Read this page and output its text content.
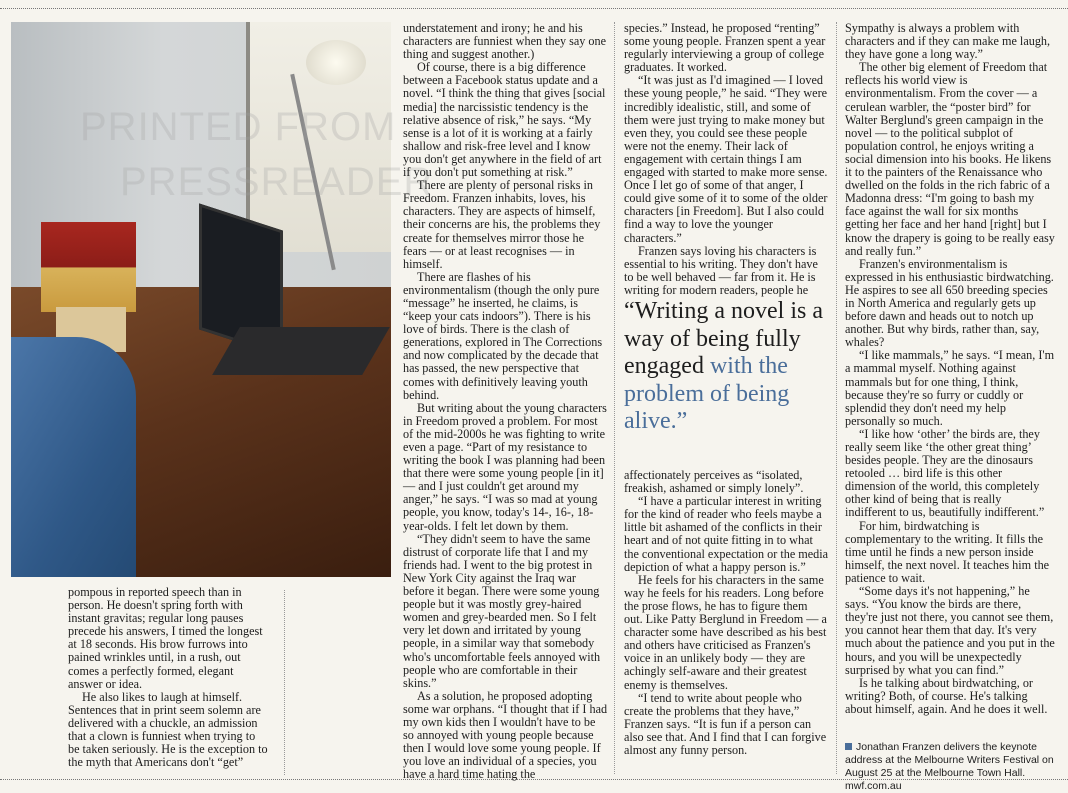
PRINTED FROM
PRESSREADER

pompous in reported speech than in person. He doesn't spring forth with instant gravitas; regular long pauses precede his answers, I timed the longest at 18 seconds. His brow furrows into pained wrinkles until, in a rush, out comes a perfectly formed, elegant answer or idea.

He also likes to laugh at himself. Sentences that in print seem solemn are delivered with a chuckle, an admission that a clown is funniest when trying to be taken seriously. He is the exception to the myth that Americans don't “get”

understatement and irony; he and his characters are funniest when they say one thing and suggest another.)

Of course, there is a big difference between a Facebook status update and a novel. “I think the thing that gives [social media] the narcissistic tendency is the relative absence of risk,” he says. “My sense is a lot of it is working at a fairly shallow and risk-free level and I know you don't get anywhere in the field of art if you don't put something at risk.”

There are plenty of personal risks in Freedom. Franzen inhabits, loves, his characters. They are aspects of himself, their concerns are his, the problems they create for themselves mirror those he fears — or at least recognises — in himself.

There are flashes of his environmentalism (though the only pure “message” he inserted, he claims, is “keep your cats indoors”). There is his love of birds. There is the clash of generations, explored in The Corrections and now complicated by the decade that has passed, the new perspective that comes with definitively leaving youth behind.

But writing about the young characters in Freedom proved a problem. For most of the mid-2000s he was fighting to write even a page. “Part of my resistance to writing the book I was planning had been that there were some young people [in it] — and I just couldn't get around my anger,” he says. “I was so mad at young people, you know, today's 14-, 16-, 18-year-olds. I felt let down by them.

“They didn't seem to have the same distrust of corporate life that I and my friends had. I went to the big protest in New York City against the Iraq war before it began. There were some young people but it was mostly grey-haired women and grey-bearded men. So I felt very let down and irritated by young people, in a similar way that somebody who's uncomfortable feels annoyed with people who are comfortable in their skins.”

As a solution, he proposed adopting some war orphans. “I thought that if I had my own kids then I wouldn't have to be so annoyed with young people because then I would love some young people. If you love an individual of a species, you have a hard time hating the

species.” Instead, he proposed “renting” some young people. Franzen spent a year regularly interviewing a group of college graduates. It worked.

“It was just as I'd imagined — I loved these young people,” he said. “They were incredibly idealistic, still, and some of them were just trying to make money but even they, you could see these people were not the enemy. Their lack of engagement with certain things I am engaged with started to make more sense. Once I let go of some of that anger, I could give some of it to some of the older characters [in Freedom]. But I also could find a way to love the younger characters.”

Franzen says loving his characters is essential to his writing. They don't have to be well behaved — far from it. He is writing for modern readers, people he

“Writing a novel is a way of being fully engaged with the problem of being alive.”

affectionately perceives as “isolated, freakish, ashamed or simply lonely”.

“I have a particular interest in writing for the kind of reader who feels maybe a little bit ashamed of the conflicts in their heart and of not quite fitting in to what the conventional expectation or the media depiction of what a happy person is.”

He feels for his characters in the same way he feels for his readers. Long before the prose flows, he has to figure them out. Like Patty Berglund in Freedom — a character some have described as his best and others have criticised as Franzen's voice in an unlikely body — they are achingly self-aware and their greatest enemy is themselves.

“I tend to write about people who create the problems that they have,” Franzen says. “It is fun if a person can also see that. And I find that I can forgive almost any funny person.

Sympathy is always a problem with characters and if they can make me laugh, they have gone a long way.”

The other big element of Freedom that reflects his world view is environmentalism. From the cover — a cerulean warbler, the “poster bird” for Walter Berglund's green campaign in the novel — to the political subplot of population control, he enjoys writing a social dimension into his books. He likens it to the painters of the Renaissance who dwelled on the folds in the rich fabric of a Madonna dress: “I'm going to bash my face against the wall for six months getting her face and her hand [right] but I know the drapery is going to be really easy and really fun.”

Franzen's environmentalism is expressed in his enthusiastic birdwatching. He aspires to see all 650 breeding species in North America and regularly gets up before dawn and heads out to notch up another. But why birds, rather than, say, whales?

“I like mammals,” he says. “I mean, I'm a mammal myself. Nothing against mammals but for one thing, I think, because they're so furry or cuddly or splendid they don't need my help personally so much.

“I like how ‘other’ the birds are, they really seem like ‘the other great thing’ besides people. They are the dinosaurs retooled … bird life is this other dimension of the world, this completely other kind of being that is really indifferent to us, beautifully indifferent.”

For him, birdwatching is complementary to the writing. It fills the time until he finds a new person inside himself, the next novel. It teaches him the patience to wait.

“Some days it's not happening,” he says. “You know the birds are there, they're just not there, you cannot see them, you cannot hear them that day. It's very much about the patience and you put in the hours, and you will be unexpectedly surprised by what you can find.”

Is he talking about birdwatching, or writing? Both, of course. He's talking about himself, again. And he does it well.

Jonathan Franzen delivers the keynote address at the Melbourne Writers Festival on August 25 at the Melbourne Town Hall. mwf.com.au
